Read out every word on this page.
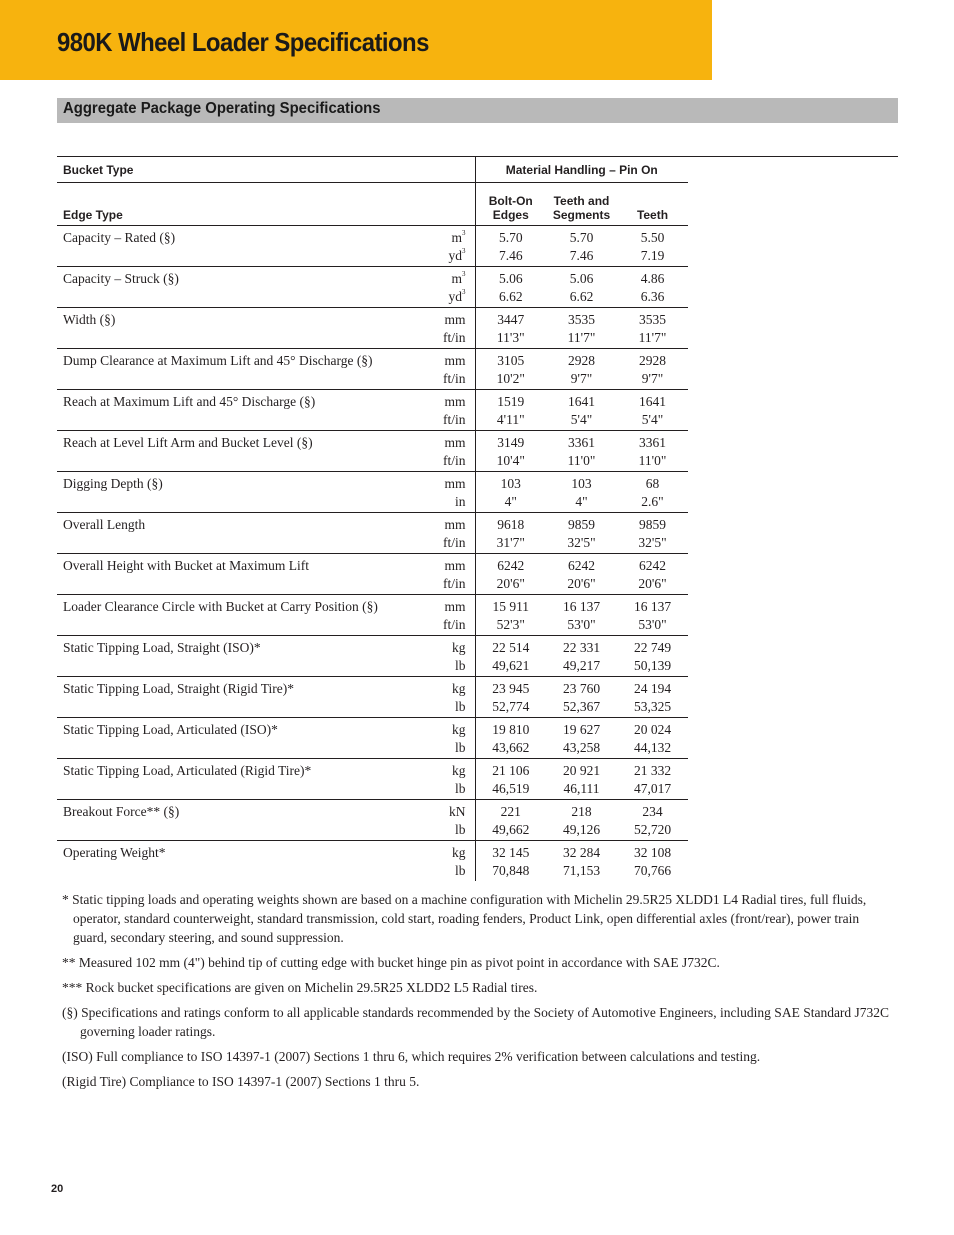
980K Wheel Loader Specifications
Aggregate Package Operating Specifications
Bucket Type		Material Handling – Pin On		
Edge Type		Bolt-On Edges	Teeth and Segments	Teeth
Capacity – Rated (§)	$m^3$	5.70	5.70	5.50
	$yd^3$	7.46	7.46	7.19
Capacity – Struck (§)	$m^3$	5.06	5.06	4.86
	$yd^3$	6.62	6.62	6.36
Width (§)	mm	3447	3535	3535
	ft/in	11'3"	11'7"	11'7"
Dump Clearance at Maximum Lift and 45° Discharge (§)	mm	3105	2928	2928
	ft/in	10'2"	9'7"	9'7"
Reach at Maximum Lift and 45° Discharge (§)	mm	1519	1641	1641
	ft/in	4'11"	5'4"	5'4"
Reach at Level Lift Arm and Bucket Level (§)	mm	3149	3361	3361
	ft/in	10'4"	11'0"	11'0"
Digging Depth (§)	mm	103	103	68
	in	4"	4"	2.6"
Overall Length	mm	9618	9859	9859
	ft/in	31'7"	32'5"	32'5"
Overall Height with Bucket at Maximum Lift	mm	6242	6242	6242
	ft/in	20'6"	20'6"	20'6"
Loader Clearance Circle with Bucket at Carry Position (§)	mm	15 911	16 137	16 137
	ft/in	52'3"	53'0"	53'0"
Static Tipping Load, Straight (ISO)*	kg	22 514	22 331	22 749
	lb	49,621	49,217	50,139
Static Tipping Load, Straight (Rigid Tire)*	kg	23 945	23 760	24 194
	lb	52,774	52,367	53,325
Static Tipping Load, Articulated (ISO)*	kg	19 810	19 627	20 024
	lb	43,662	43,258	44,132
Static Tipping Load, Articulated (Rigid Tire)*	kg	21 106	20 921	21 332
	lb	46,519	46,111	47,017
Breakout Force** (§)	kN	221	218	234
	lb	49,662	49,126	52,720
Operating Weight*	kg	32 145	32 284	32 108
	lb	70,848	71,153	70,766

* Static tipping loads and operating weights shown are based on a machine configuration with Michelin 29.5R25 XLDD1 L4 Radial tires, full fluids, operator, standard counterweight, standard transmission, cold start, roading fenders, Product Link, open differential axles (front/rear), power train guard, secondary steering, and sound suppression.

** Measured 102 mm (4") behind tip of cutting edge with bucket hinge pin as pivot point in accordance with SAE J732C.

*** Rock bucket specifications are given on Michelin 29.5R25 XLDD2 L5 Radial tires.

(§) Specifications and ratings conform to all applicable standards recommended by the Society of Automotive Engineers, including SAE Standard J732C governing loader ratings.

(ISO) Full compliance to ISO 14397-1 (2007) Sections 1 thru 6, which requires 2% verification between calculations and testing.

(Rigid Tire) Compliance to ISO 14397-1 (2007) Sections 1 thru 5.

20
